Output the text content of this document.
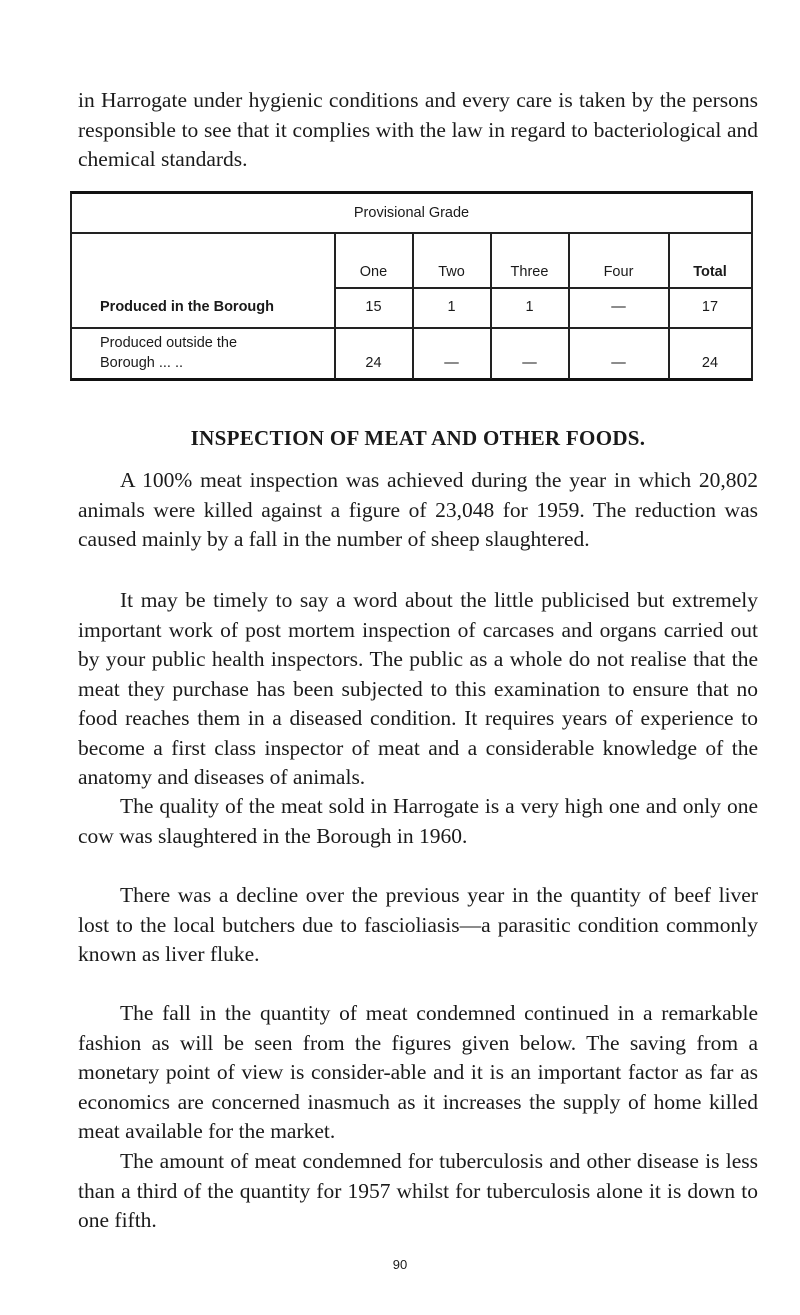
in Harrogate under hygienic conditions and every care is taken by the persons responsible to see that it complies with the law in regard to bacteriological and chemical standards.

Provisional Grade
One	Two	Three	Four	Total
Produced in the Borough	15	1	1	—	17
Produced outside the
Borough ... ..	24	—	—	—	24
INSPECTION OF MEAT AND OTHER FOODS.

A 100% meat inspection was achieved during the year in which 20,802 animals were killed against a figure of 23,048 for 1959. The reduction was caused mainly by a fall in the number of sheep slaughtered.

It may be timely to say a word about the little publicised but extremely important work of post mortem inspection of carcases and organs carried out by your public health inspectors. The public as a whole do not realise that the meat they purchase has been subjected to this examination to ensure that no food reaches them in a diseased condition. It requires years of experience to become a first class inspector of meat and a considerable knowledge of the anatomy and diseases of animals.

The quality of the meat sold in Harrogate is a very high one and only one cow was slaughtered in the Borough in 1960.

There was a decline over the previous year in the quantity of beef liver lost to the local butchers due to fascioliasis—a parasitic condition commonly known as liver fluke.

The fall in the quantity of meat condemned continued in a remarkable fashion as will be seen from the figures given below. The saving from a monetary point of view is consider-able and it is an important factor as far as economics are concerned inasmuch as it increases the supply of home killed meat available for the market.

The amount of meat condemned for tuberculosis and other disease is less than a third of the quantity for 1957 whilst for tuberculosis alone it is down to one fifth.

90
